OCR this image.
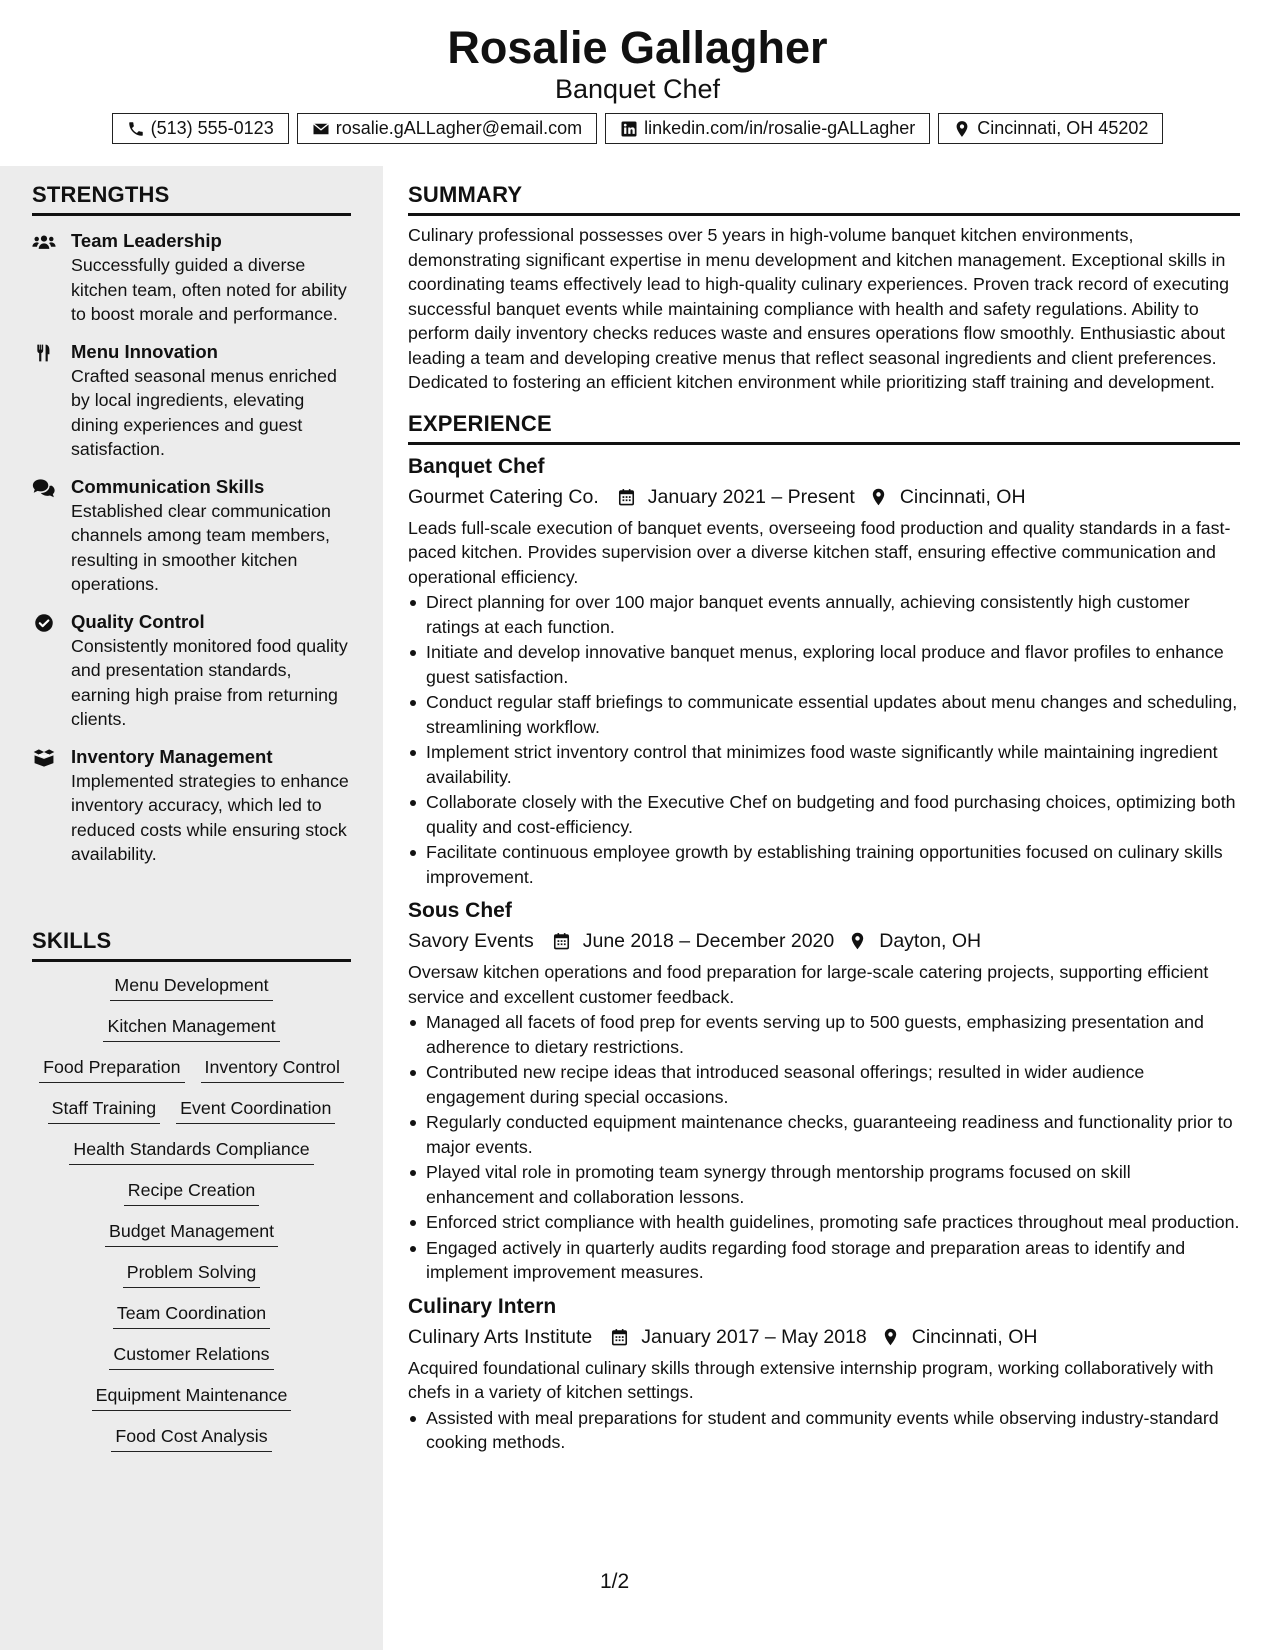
Rosalie Gallagher
Banquet Chef
(513) 555-0123	rosalie.gALLagher@email.com	linkedin.com/in/rosalie-gALLagher	Cincinnati, OH 45202
STRENGTHS
Team Leadership
Successfully guided a diverse kitchen team, often noted for ability to boost morale and performance.
Menu Innovation
Crafted seasonal menus enriched by local ingredients, elevating dining experiences and guest satisfaction.
Communication Skills
Established clear communication channels among team members, resulting in smoother kitchen operations.
Quality Control
Consistently monitored food quality and presentation standards, earning high praise from returning clients.
Inventory Management
Implemented strategies to enhance inventory accuracy, which led to reduced costs while ensuring stock availability.
SKILLS
Menu Development
Kitchen Management
Food Preparation Inventory Control
Staff Training Event Coordination
Health Standards Compliance
Recipe Creation
Budget Management
Problem Solving
Team Coordination
Customer Relations
Equipment Maintenance
Food Cost Analysis
SUMMARY

Culinary professional possesses over 5 years in high-volume banquet kitchen environments, demonstrating significant expertise in menu development and kitchen management. Exceptional skills in coordinating teams effectively lead to high-quality culinary experiences. Proven track record of executing successful banquet events while maintaining compliance with health and safety regulations. Ability to perform daily inventory checks reduces waste and ensures operations flow smoothly. Enthusiastic about leading a team and developing creative menus that reflect seasonal ingredients and client preferences. Dedicated to fostering an efficient kitchen environment while prioritizing staff training and development.

EXPERIENCE
Banquet Chef
Gourmet Catering Co.	January 2021 – Present Cincinnati, OH
Leads full-scale execution of banquet events, overseeing food production and quality standards in a fast-paced kitchen. Provides supervision over a diverse kitchen staff, ensuring effective communication and operational efficiency.
Direct planning for over 100 major banquet events annually, achieving consistently high customer ratings at each function.
Initiate and develop innovative banquet menus, exploring local produce and flavor profiles to enhance guest satisfaction.
Conduct regular staff briefings to communicate essential updates about menu changes and scheduling, streamlining workflow.
Implement strict inventory control that minimizes food waste significantly while maintaining ingredient availability.
Collaborate closely with the Executive Chef on budgeting and food purchasing choices, optimizing both quality and cost-efficiency.
Facilitate continuous employee growth by establishing training opportunities focused on culinary skills improvement.
Sous Chef
Savory Events	June 2018 – December 2020 Dayton, OH
Oversaw kitchen operations and food preparation for large-scale catering projects, supporting efficient service and excellent customer feedback.
Managed all facets of food prep for events serving up to 500 guests, emphasizing presentation and adherence to dietary restrictions.
Contributed new recipe ideas that introduced seasonal offerings; resulted in wider audience engagement during special occasions.
Regularly conducted equipment maintenance checks, guaranteeing readiness and functionality prior to major events.
Played vital role in promoting team synergy through mentorship programs focused on skill enhancement and collaboration lessons.
Enforced strict compliance with health guidelines, promoting safe practices throughout meal production.
Engaged actively in quarterly audits regarding food storage and preparation areas to identify and implement improvement measures.
Culinary Intern
Culinary Arts Institute	January 2017 – May 2018 Cincinnati, OH
Acquired foundational culinary skills through extensive internship program, working collaboratively with chefs in a variety of kitchen settings.
Assisted with meal preparations for student and community events while observing industry-standard cooking methods.
1/2
